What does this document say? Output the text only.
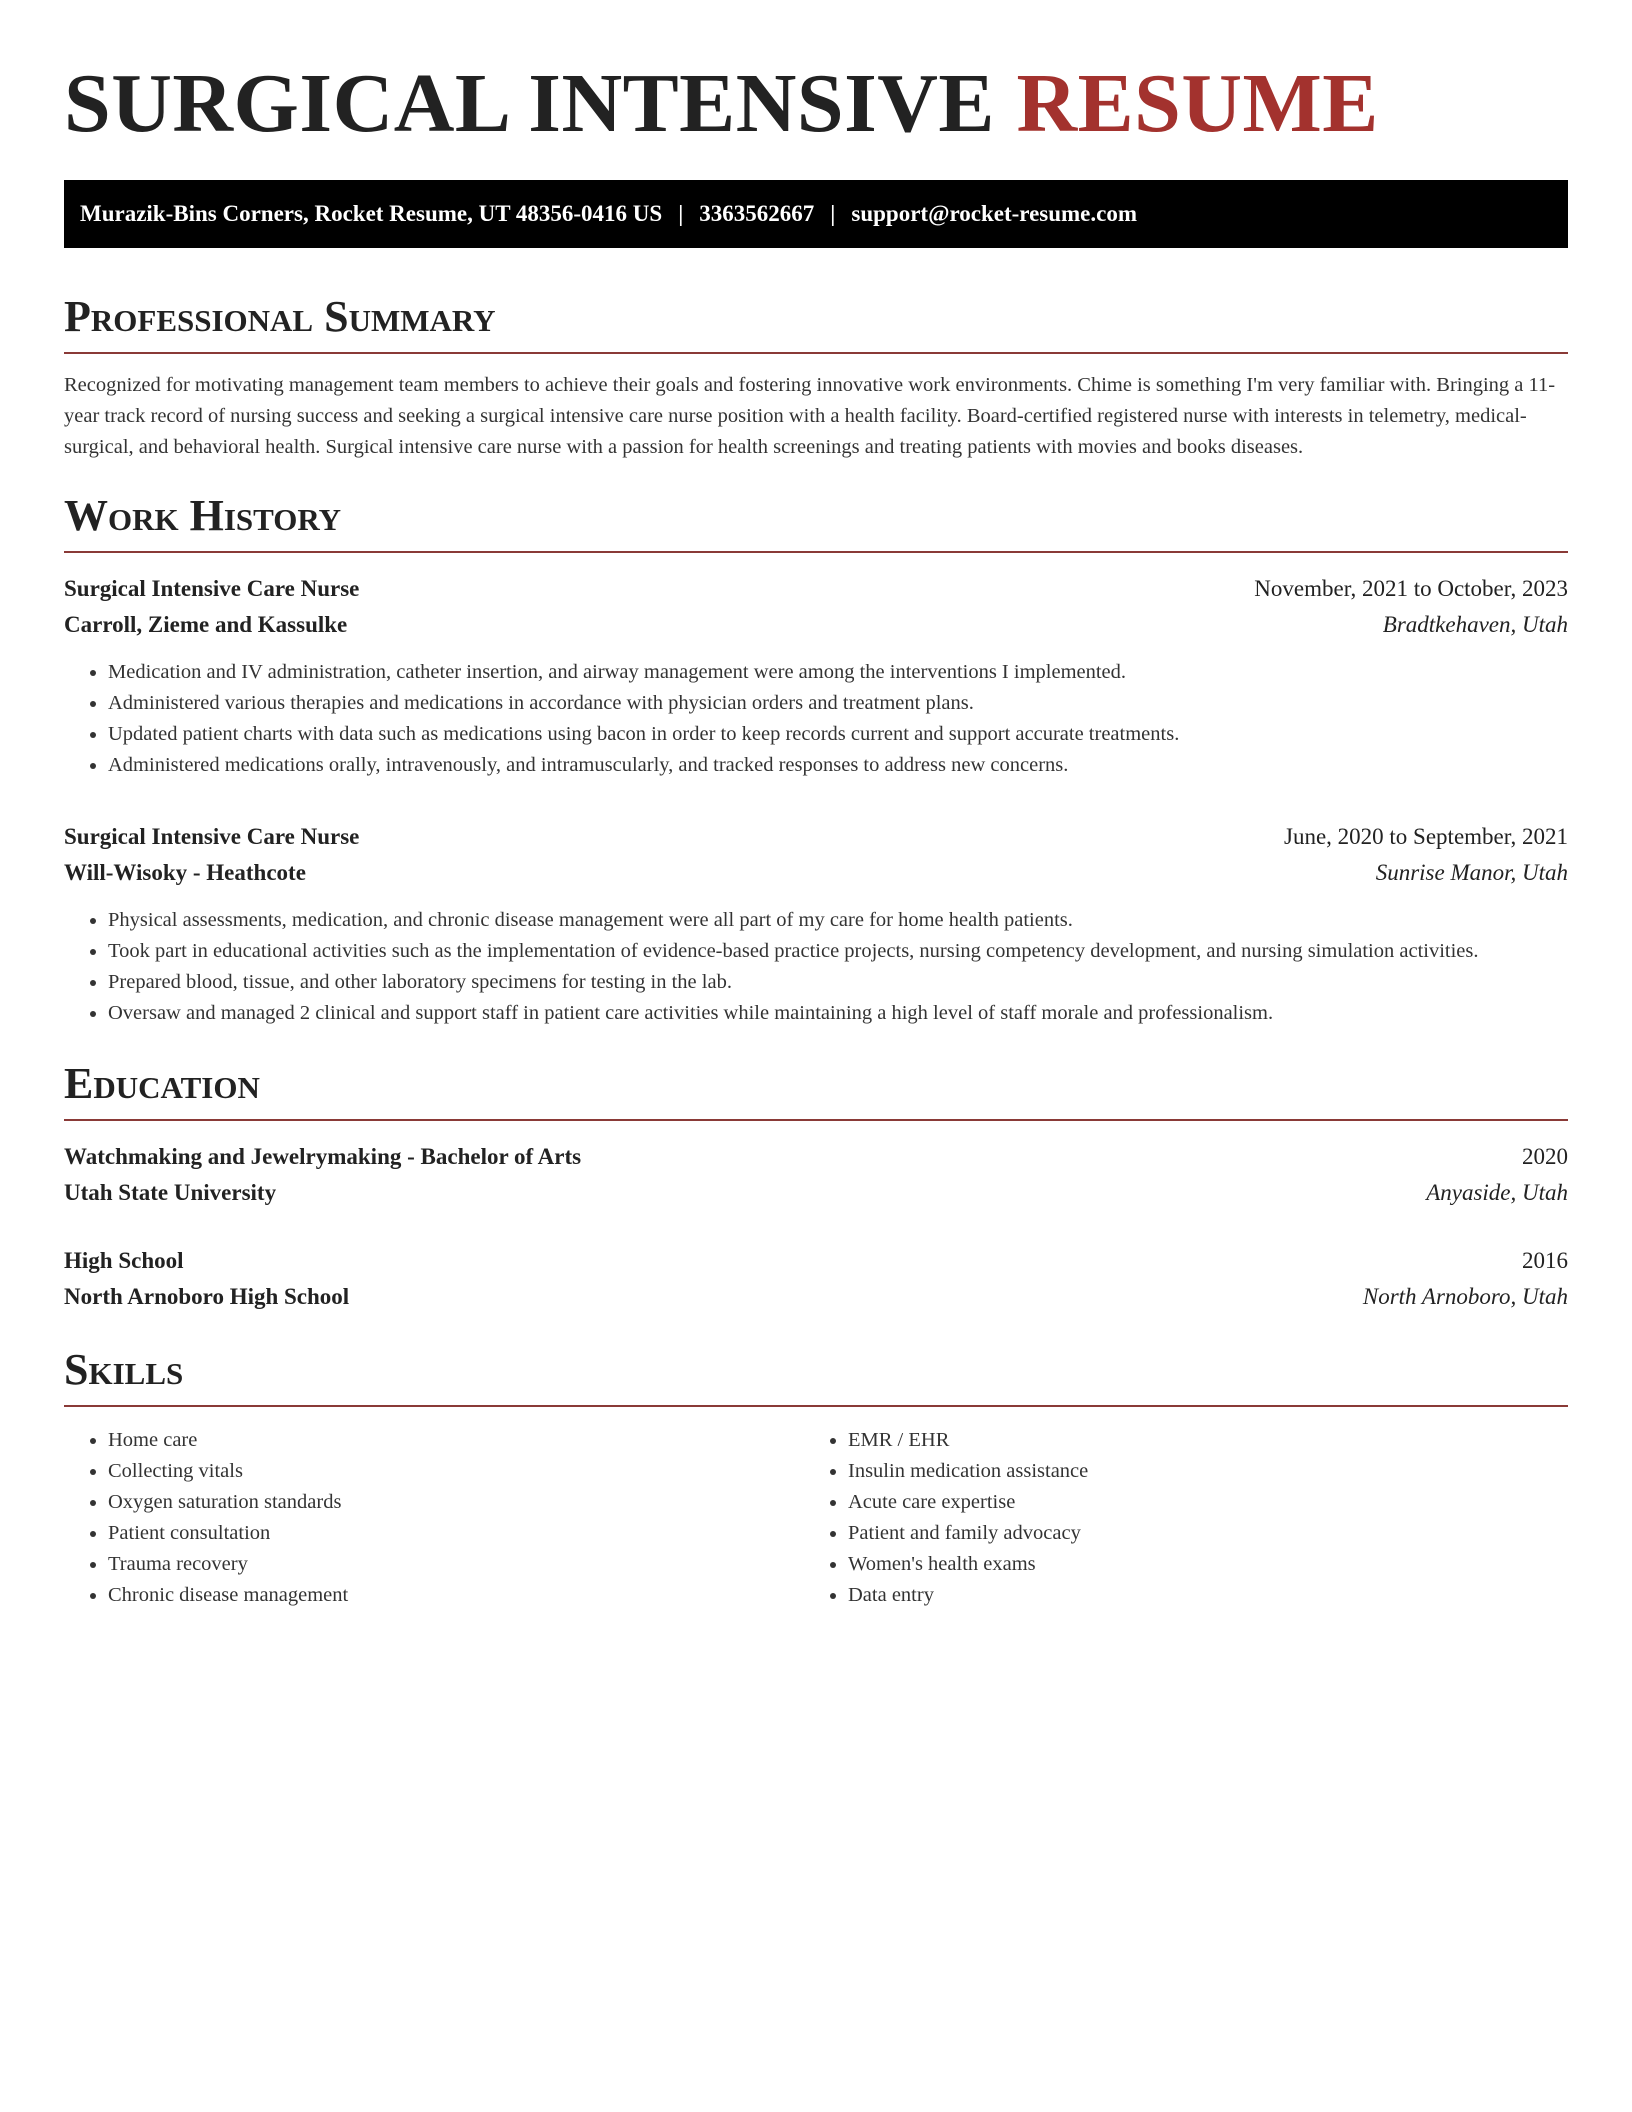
SURGICAL INTENSIVE RESUME
Murazik-Bins Corners, Rocket Resume, UT 48356-0416 US | 3363562667 | support@rocket-resume.com
Professional Summary

Recognized for motivating management team members to achieve their goals and fostering innovative work environments. Chime is something I'm very familiar with. Bringing a 11-year track record of nursing success and seeking a surgical intensive care nurse position with a health facility. Board-certified registered nurse with interests in telemetry, medical-surgical, and behavioral health. Surgical intensive care nurse with a passion for health screenings and treating patients with movies and books diseases.

Work History
Surgical Intensive Care Nurse	November, 2021 to October, 2023
Carroll, Zieme and Kassulke	Bradtkehaven, Utah
• Medication and IV administration, catheter insertion, and airway management were among the interventions I implemented.
• Administered various therapies and medications in accordance with physician orders and treatment plans.
• Updated patient charts with data such as medications using bacon in order to keep records current and support accurate treatments.
• Administered medications orally, intravenously, and intramuscularly, and tracked responses to address new concerns.
Surgical Intensive Care Nurse	June, 2020 to September, 2021
Will-Wisoky - Heathcote	Sunrise Manor, Utah
• Physical assessments, medication, and chronic disease management were all part of my care for home health patients.
• Took part in educational activities such as the implementation of evidence-based practice projects, nursing competency development, and nursing simulation activities.
• Prepared blood, tissue, and other laboratory specimens for testing in the lab.
• Oversaw and managed 2 clinical and support staff in patient care activities while maintaining a high level of staff morale and professionalism.
Education
Watchmaking and Jewelrymaking - Bachelor of Arts	2020
Utah State University	Anyaside, Utah
High School	2016
North Arnoboro High School	North Arnoboro, Utah
Skills
• Home care
• Collecting vitals
• Oxygen saturation standards
• Patient consultation
• Trauma recovery
• Chronic disease management
• EMR / EHR
• Insulin medication assistance
• Acute care expertise
• Patient and family advocacy
• Women's health exams
• Data entry
